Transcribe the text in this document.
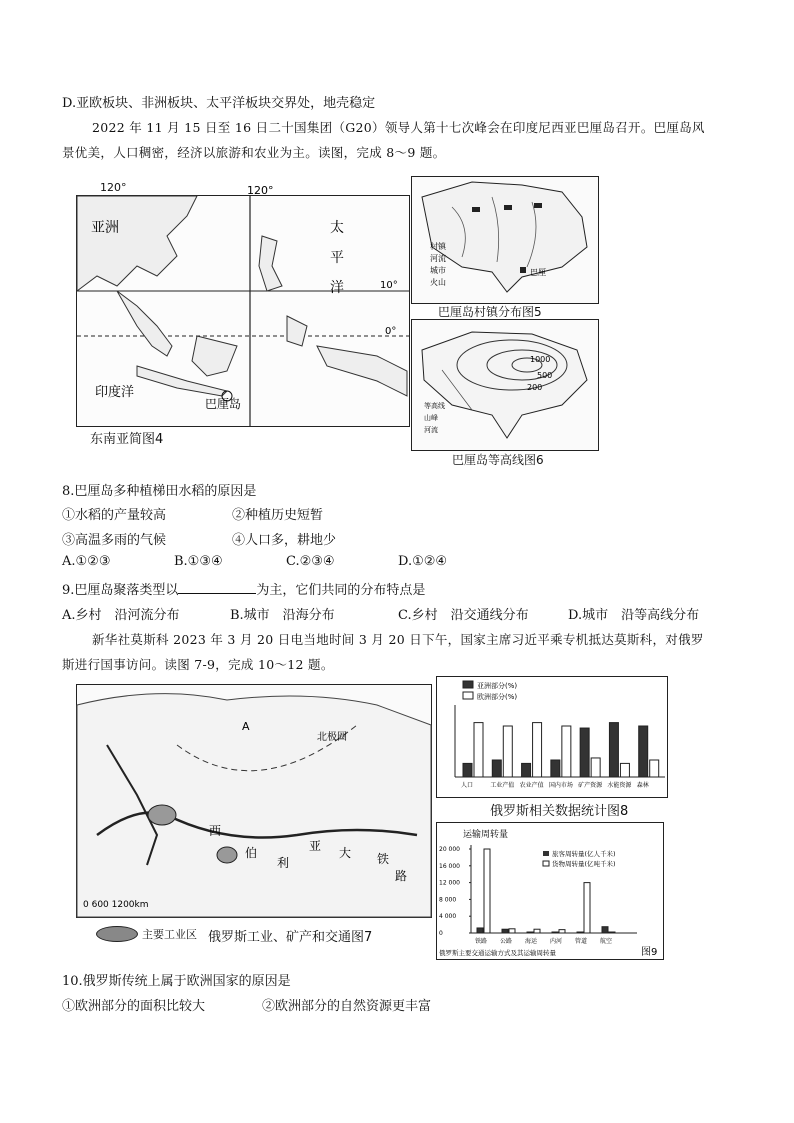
D.亚欧板块、非洲板块、太平洋板块交界处，地壳稳定
2022 年 11 月 15 日至 16 日二十国集团（G20）领导人第十七次峰会在印度尼西亚巴厘岛召开。巴厘岛风
景优美，人口稠密，经济以旅游和农业为主。读图，完成 8～9 题。
120°
亚洲	太
平
洋	10°
0°
印度洋
巴厘岛
东南亚简图4
120°
村镇
河流
城市
火山
巴厘
巴厘岛村镇分布图5
1000
500
200
等高线
山峰
河流
巴厘岛等高线图6
8.巴厘岛多种植梯田水稻的原因是
①水稻的产量较高	②种植历史短暂
③高温多雨的气候	④人口多，耕地少
A.①②③	B.①③④	C.②③④	D.①②④
9.巴厘岛聚落类型以	为主，它们共同的分布特点是
A.乡村　沿河流分布	B.城市　沿海分布	C.乡村　沿交通线分布	D.城市　沿等高线分布
新华社莫斯科 2023 年 3 月 20 日电当地时间 3 月 20 日下午，国家主席习近平乘专机抵达莫斯科，对俄罗
斯进行国事访问。读图 7-9，完成 10～12 题。
A
北极圈
西
伯
利
亚 大 铁
路
0 600 1200km
主要工业区 俄罗斯工业、矿产和交通图7
亚洲部分(%)
欧洲部分(%)
人口	工业产值 农业产值 国内市场 矿产资源 水能资源 森林
俄罗斯相关数据统计图8
运输周转量
旅客周转量(亿人千米)
货物周转量(亿吨千米)
0
4 000
8 000
12 000
16 000
20 000
铁路 公路 海运 内河 管道 航空
俄罗斯主要交通运输方式及其运输周转量	图9
10.俄罗斯传统上属于欧洲国家的原因是
①欧洲部分的面积比较大	②欧洲部分的自然资源更丰富
